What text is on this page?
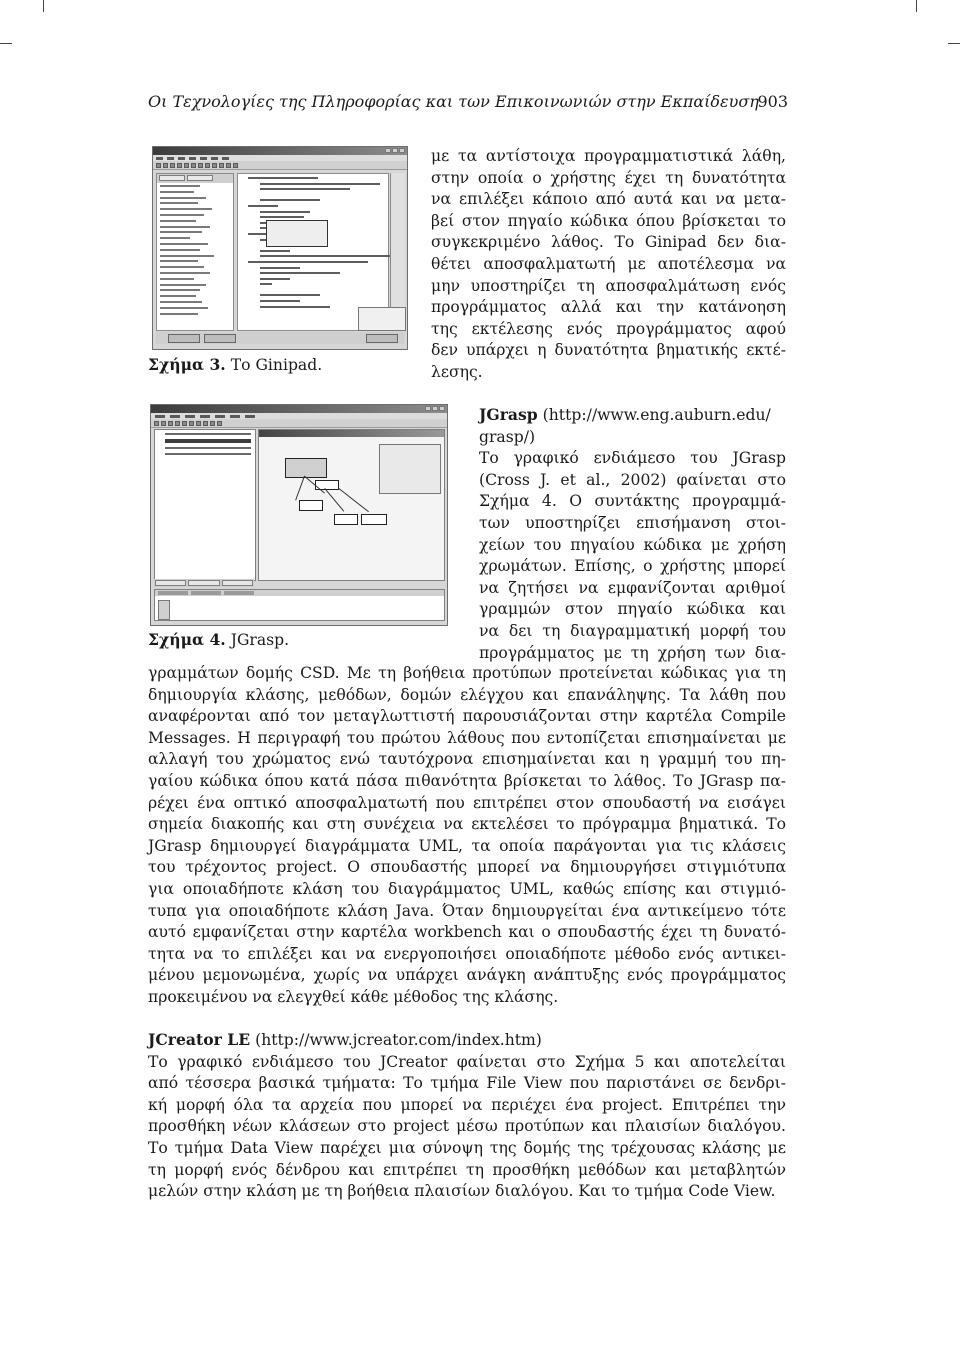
Οι Τεχνολογίες της Πληροφορίας και των Επικοινωνιών στην Εκπαίδευση
903
Σχήμα 3. Το Ginipad.
με τα αντίστοιχα προγραμματιστικά λάθη,
στην οποία ο χρήστης έχει τη δυνατότητα
να επιλέξει κάποιο από αυτά και να μετα-
βεί στον πηγαίο κώδικα όπου βρίσκεται το
συγκεκριμένο λάθος. Το Ginipad δεν δια-
θέτει αποσφαλματωτή με αποτέλεσμα να
μην υποστηρίζει τη αποσφαλμάτωση ενός
προγράμματος αλλά και την κατάνοηση
της εκτέλεσης ενός προγράμματος αφού
δεν υπάρχει η δυνατότητα βηματικής εκτέ-
λεσης.
Σχήμα 4. JGrasp.
JGrasp (http://www.eng.auburn.edu/
grasp/)
Το γραφικό ενδιάμεσο του JGrasp
(Cross J. et al., 2002) φαίνεται στο
Σχήμα 4. Ο συντάκτης προγραμμά-
των υποστηρίζει επισήμανση στοι-
χείων του πηγαίου κώδικα με χρήση
χρωμάτων. Επίσης, ο χρήστης μπορεί
να ζητήσει να εμφανίζονται αριθμοί
γραμμών στον πηγαίο κώδικα και
να δει τη διαγραμματική μορφή του
προγράμματος με τη χρήση των δια-
γραμμάτων δομής CSD. Με τη βοήθεια προτύπων προτείνεται κώδικας για τη
δημιουργία κλάσης, μεθόδων, δομών ελέγχου και επανάληψης. Τα λάθη που
αναφέρονται από τον μεταγλωττιστή παρουσιάζονται στην καρτέλα Compile
Messages. Η περιγραφή του πρώτου λάθους που εντοπίζεται επισημαίνεται με
αλλαγή του χρώματος ενώ ταυτόχρονα επισημαίνεται και η γραμμή του πη-
γαίου κώδικα όπου κατά πάσα πιθανότητα βρίσκεται το λάθος. Το JGrasp πα-
ρέχει ένα οπτικό αποσφαλματωτή που επιτρέπει στον σπουδαστή να εισάγει
σημεία διακοπής και στη συνέχεια να εκτελέσει το πρόγραμμα βηματικά. Το
JGrasp δημιουργεί διαγράμματα UML, τα οποία παράγονται για τις κλάσεις
του τρέχοντος project. Ο σπουδαστής μπορεί να δημιουργήσει στιγμιότυπα
για οποιαδήποτε κλάση του διαγράμματος UML, καθώς επίσης και στιγμιό-
τυπα για οποιαδήποτε κλάση Java. Όταν δημιουργείται ένα αντικείμενο τότε
αυτό εμφανίζεται στην καρτέλα workbench και ο σπουδαστής έχει τη δυνατό-
τητα να το επιλέξει και να ενεργοποιήσει οποιαδήποτε μέθοδο ενός αντικει-
μένου μεμονωμένα, χωρίς να υπάρχει ανάγκη ανάπτυξης ενός προγράμματος
προκειμένου να ελεγχθεί κάθε μέθοδος της κλάσης.
JCreator LE (http://www.jcreator.com/index.htm)
Το γραφικό ενδιάμεσο του JCreator φαίνεται στο Σχήμα 5 και αποτελείται
από τέσσερα βασικά τμήματα: Το τμήμα File View που παριστάνει σε δενδρι-
κή μορφή όλα τα αρχεία που μπορεί να περιέχει ένα project. Επιτρέπει την
προσθήκη νέων κλάσεων στο project μέσω προτύπων και πλαισίων διαλόγου.
Το τμήμα Data View παρέχει μια σύνοψη της δομής της τρέχουσας κλάσης με
τη μορφή ενός δένδρου και επιτρέπει τη προσθήκη μεθόδων και μεταβλητών
μελών στην κλάση με τη βοήθεια πλαισίων διαλόγου. Και το τμήμα Code View.
